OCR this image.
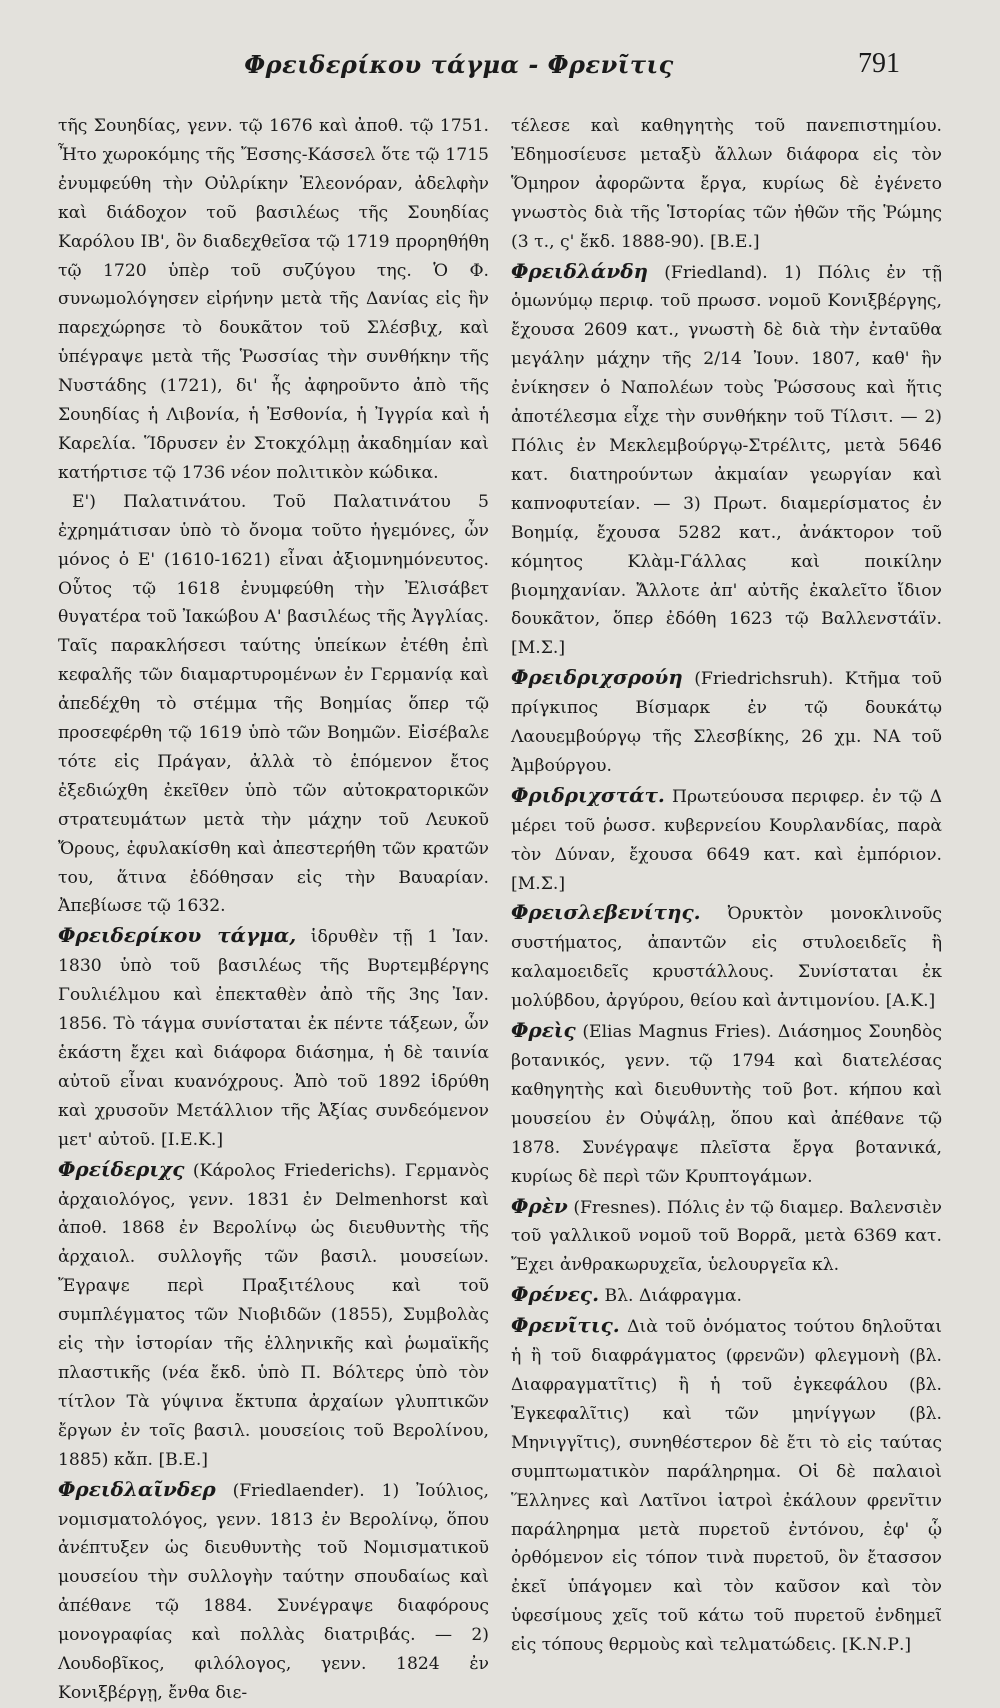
Φρειδερίκου τάγμα - Φρενῖτις	791

τῆς Σουηδίας, γενν. τῷ 1676 καὶ ἀποθ. τῷ 1751. Ἦτο χωροκόμης τῆς Ἔσσης-Κάσσελ ὅτε τῷ 1715 ἐνυμφεύθη τὴν Οὐλρίκην Ἐλεονόραν, ἀδελφὴν καὶ διάδοχον τοῦ βασιλέως τῆς Σουηδίας Καρόλου ΙΒ', ὃν διαδεχθεῖσα τῷ 1719 προρηθήθη τῷ 1720 ὑπὲρ τοῦ συζύγου της. Ὁ Φ. συνωμολόγησεν εἰρήνην μετὰ τῆς Δανίας εἰς ἣν παρεχώρησε τὸ δουκᾶτον τοῦ Σλέσβιχ, καὶ ὑπέγραψε μετὰ τῆς Ῥωσσίας τὴν συνθήκην τῆς Νυστάδης (1721), δι' ἧς ἀφηροῦντο ἀπὸ τῆς Σουηδίας ἡ Λιβονία, ἡ Ἐσθονία, ἡ Ἰγγρία καὶ ἡ Καρελία. Ἵδρυσεν ἐν Στοκχόλμῃ ἀκαδημίαν καὶ κατήρτισε τῷ 1736 νέον πολιτικὸν κώδικα.

Ε') Παλατινάτου. Τοῦ Παλατινάτου 5 ἐχρημάτισαν ὑπὸ τὸ ὄνομα τοῦτο ἡγεμόνες, ὧν μόνος ὁ Ε' (1610-1621) εἶναι ἀξιομνημόνευτος. Οὗτος τῷ 1618 ἐνυμφεύθη τὴν Ἐλισάβετ θυγατέρα τοῦ Ἰακώβου Α' βασιλέως τῆς Ἀγγλίας. Ταῖς παρακλήσεσι ταύτης ὑπείκων ἐτέθη ἐπὶ κεφαλῆς τῶν διαμαρτυρομένων ἐν Γερμανίᾳ καὶ ἀπεδέχθη τὸ στέμμα τῆς Βοημίας ὅπερ τῷ προσεφέρθη τῷ 1619 ὑπὸ τῶν Βοημῶν. Εἰσέβαλε τότε εἰς Πράγαν, ἀλλὰ τὸ ἑπόμενον ἔτος ἐξεδιώχθη ἐκεῖθεν ὑπὸ τῶν αὐτοκρατορικῶν στρατευμάτων μετὰ τὴν μάχην τοῦ Λευκοῦ Ὄρους, ἐφυλακίσθη καὶ ἀπεστερήθη τῶν κρατῶν του, ἅτινα ἐδόθησαν εἰς τὴν Βαυαρίαν. Ἀπεβίωσε τῷ 1632.

Φρειδερίκου τάγμα, ἱδρυθὲν τῇ 1 Ἰαν. 1830 ὑπὸ τοῦ βασιλέως τῆς Βυρτεμβέργης Γουλιέλμου καὶ ἐπεκταθὲν ἀπὸ τῆς 3ης Ἰαν. 1856. Τὸ τάγμα συνίσταται ἐκ πέντε τάξεων, ὧν ἑκάστη ἔχει καὶ διάφορα διάσημα, ἡ δὲ ταινία αὐτοῦ εἶναι κυανόχρους. Ἀπὸ τοῦ 1892 ἱδρύθη καὶ χρυσοῦν Μετάλλιον τῆς Ἀξίας συνδεόμενον μετ' αὐτοῦ. [Ι.Ε.Κ.]

Φρείδεριχς (Κάρολος Friederichs). Γερμανὸς ἀρχαιολόγος, γενν. 1831 ἐν Delmenhorst καὶ ἀποθ. 1868 ἐν Βερολίνῳ ὡς διευθυντὴς τῆς ἀρχαιολ. συλλογῆς τῶν βασιλ. μουσείων. Ἔγραψε περὶ Πραξιτέλους καὶ τοῦ συμπλέγματος τῶν Νιοβιδῶν (1855), Συμβολὰς εἰς τὴν ἱστορίαν τῆς ἑλληνικῆς καὶ ῥωμαϊκῆς πλαστικῆς (νέα ἔκδ. ὑπὸ Π. Βόλτερς ὑπὸ τὸν τίτλον Τὰ γύψινα ἔκτυπα ἀρχαίων γλυπτικῶν ἔργων ἐν τοῖς βασιλ. μουσείοις τοῦ Βερολίνου, 1885) κἄπ. [Β.Ε.]

Φρειδλαῖνδερ (Friedlaender). 1) Ἰούλιος, νομισματολόγος, γενν. 1813 ἐν Βερολίνῳ, ὅπου ἀνέπτυξεν ὡς διευθυντὴς τοῦ Νομισματικοῦ μουσείου τὴν συλλογὴν ταύτην σπουδαίως καὶ ἀπέθανε τῷ 1884. Συνέγραψε διαφόρους μονογραφίας καὶ πολλὰς διατριβάς. — 2) Λουδοβῖκος, φιλόλογος, γενν. 1824 ἐν Κονιξβέργῃ, ἔνθα διε-

τέλεσε καὶ καθηγητὴς τοῦ πανεπιστημίου. Ἐδημοσίευσε μεταξὺ ἄλλων διάφορα εἰς τὸν Ὅμηρον ἀφορῶντα ἔργα, κυρίως δὲ ἐγένετο γνωστὸς διὰ τῆς Ἱστορίας τῶν ἠθῶν τῆς Ῥώμης (3 τ., ς' ἔκδ. 1888-90). [Β.Ε.]

Φρειδλάνδη (Friedland). 1) Πόλις ἐν τῇ ὁμωνύμῳ περιφ. τοῦ πρωσσ. νομοῦ Κονιξβέργης, ἔχουσα 2609 κατ., γνωστὴ δὲ διὰ τὴν ἐνταῦθα μεγάλην μάχην τῆς 2/14 Ἰουν. 1807, καθ' ἣν ἐνίκησεν ὁ Ναπολέων τοὺς Ῥώσσους καὶ ἥτις ἀποτέλεσμα εἶχε τὴν συνθήκην τοῦ Τίλσιτ. — 2) Πόλις ἐν Μεκλεμβούργῳ-Στρέλιτς, μετὰ 5646 κατ. διατηρούντων ἀκμαίαν γεωργίαν καὶ καπνοφυτείαν. — 3) Πρωτ. διαμερίσματος ἐν Βοημίᾳ, ἔχουσα 5282 κατ., ἀνάκτορον τοῦ κόμητος Κλὰμ-Γάλλας καὶ ποικίλην βιομηχανίαν. Ἄλλοτε ἀπ' αὐτῆς ἐκαλεῖτο ἴδιον δουκᾶτον, ὅπερ ἐδόθη 1623 τῷ Βαλλενστάϊν. [Μ.Σ.]

Φρειδριχσρούη (Friedrichsruh). Κτῆμα τοῦ πρίγκιπος Βίσμαρκ ἐν τῷ δουκάτῳ Λαουεμβούργῳ τῆς Σλεσβίκης, 26 χμ. ΝΑ τοῦ Ἀμβούργου.

Φριδριχστάτ. Πρωτεύουσα περιφερ. ἐν τῷ Δ μέρει τοῦ ῥωσσ. κυβερνείου Κουρλανδίας, παρὰ τὸν Δύναν, ἔχουσα 6649 κατ. καὶ ἐμπόριον. [Μ.Σ.]

Φρεισλεβενίτης. Ὀρυκτὸν μονοκλινοῦς συστήματος, ἀπαντῶν εἰς στυλοειδεῖς ἢ καλαμοειδεῖς κρυστάλλους. Συνίσταται ἐκ μολύβδου, ἀργύρου, θείου καὶ ἀντιμονίου. [Α.Κ.]

Φρεὶς (Elias Magnus Fries). Διάσημος Σουηδὸς βοτανικός, γενν. τῷ 1794 καὶ διατελέσας καθηγητὴς καὶ διευθυντὴς τοῦ βοτ. κήπου καὶ μουσείου ἐν Οὐψάλῃ, ὅπου καὶ ἀπέθανε τῷ 1878. Συνέγραψε πλεῖστα ἔργα βοτανικά, κυρίως δὲ περὶ τῶν Κρυπτογάμων.

Φρὲν (Fresnes). Πόλις ἐν τῷ διαμερ. Βαλενσιὲν τοῦ γαλλικοῦ νομοῦ τοῦ Βορρᾶ, μετὰ 6369 κατ. Ἔχει ἀνθρακωρυχεῖα, ὑελουργεῖα κλ.

Φρένες. Βλ. Διάφραγμα.

Φρενῖτις. Διὰ τοῦ ὀνόματος τούτου δηλοῦται ἡ ἢ τοῦ διαφράγματος (φρενῶν) φλεγμονὴ (βλ. Διαφραγματῖτις) ἢ ἡ τοῦ ἐγκεφάλου (βλ. Ἐγκεφαλῖτις) καὶ τῶν μηνίγγων (βλ. Μηνιγγῖτις), συνηθέστερον δὲ ἔτι τὸ εἰς ταύτας συμπτωματικὸν παράληρημα. Οἱ δὲ παλαιοὶ Ἕλληνες καὶ Λατῖνοι ἰατροὶ ἐκάλουν φρενῖτιν παράληρημα μετὰ πυρετοῦ ἐντόνου, ἐφ' ᾧ ὀρθόμενον εἰς τόπον τινὰ πυρετοῦ, ὃν ἔτασσον ἐκεῖ ὑπάγομεν καὶ τὸν καῦσον καὶ τὸν ὑφεσίμους χεῖς τοῦ κάτω τοῦ πυρετοῦ ἐνδημεῖ εἰς τόπους θερμοὺς καὶ τελματώδεις. [Κ.Ν.Ρ.]
